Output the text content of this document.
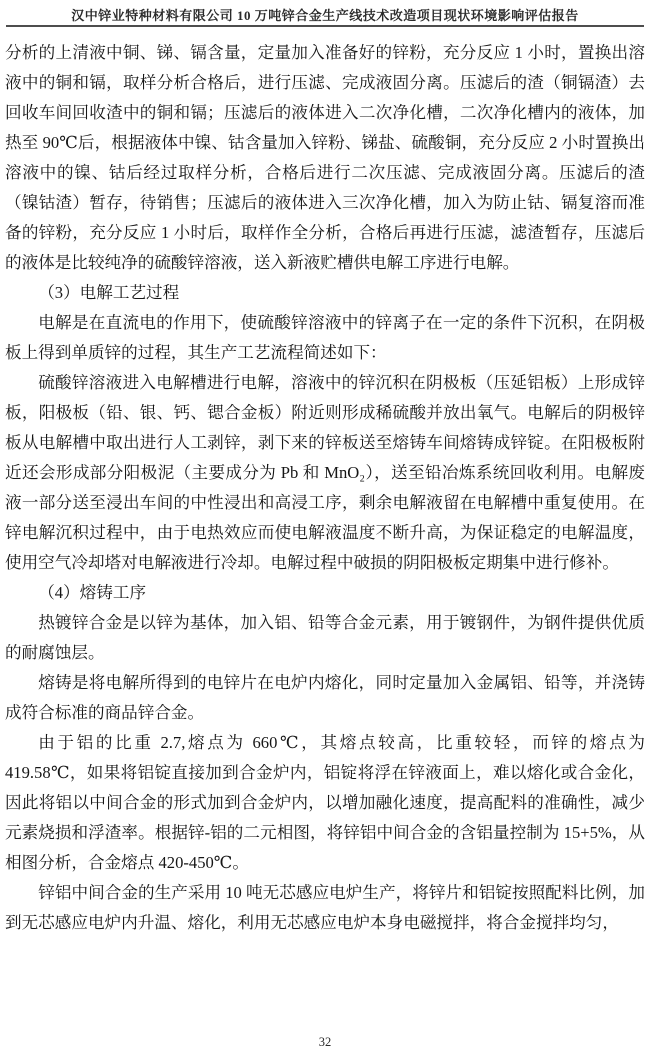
汉中锌业特种材料有限公司 10 万吨锌合金生产线技术改造项目现状环境影响评估报告

分析的上清液中铜、锑、镉含量，定量加入准备好的锌粉，充分反应 1 小时，置换出溶液中的铜和镉，取样分析合格后，进行压滤、完成液固分离。压滤后的渣（铜镉渣）去回收车间回收渣中的铜和镉；压滤后的液体进入二次净化槽，二次净化槽内的液体，加热至 90℃后，根据液体中镍、钴含量加入锌粉、锑盐、硫酸铜，充分反应 2 小时置换出溶液中的镍、钴后经过取样分析，合格后进行二次压滤、完成液固分离。压滤后的渣（镍钴渣）暂存，待销售；压滤后的液体进入三次净化槽，加入为防止钴、镉复溶而准备的锌粉，充分反应 1 小时后，取样作全分析，合格后再进行压滤，滤渣暂存，压滤后的液体是比较纯净的硫酸锌溶液，送入新液贮槽供电解工序进行电解。

（3）电解工艺过程

电解是在直流电的作用下，使硫酸锌溶液中的锌离子在一定的条件下沉积，在阴极板上得到单质锌的过程，其生产工艺流程简述如下：

硫酸锌溶液进入电解槽进行电解，溶液中的锌沉积在阴极板（压延铝板）上形成锌板，阳极板（铅、银、钙、锶合金板）附近则形成稀硫酸并放出氧气。电解后的阴极锌板从电解槽中取出进行人工剥锌，剥下来的锌板送至熔铸车间熔铸成锌锭。在阳极板附近还会形成部分阳极泥（主要成分为 Pb 和 MnO₂），送至铅冶炼系统回收利用。电解废液一部分送至浸出车间的中性浸出和高浸工序，剩余电解液留在电解槽中重复使用。在锌电解沉积过程中，由于电热效应而使电解液温度不断升高，为保证稳定的电解温度，使用空气冷却塔对电解液进行冷却。电解过程中破损的阴阳极板定期集中进行修补。

（4）熔铸工序

热镀锌合金是以锌为基体，加入铝、铅等合金元素，用于镀钢件，为钢件提供优质的耐腐蚀层。

熔铸是将电解所得到的电锌片在电炉内熔化，同时定量加入金属铝、铅等，并浇铸成符合标准的商品锌合金。

由于铝的比重 2.7,熔点为 660℃，其熔点较高，比重较轻，而锌的熔点为 419.58℃，如果将铝锭直接加到合金炉内，铝锭将浮在锌液面上，难以熔化或合金化，因此将铝以中间合金的形式加到合金炉内，以增加融化速度，提高配料的准确性，减少元素烧损和浮渣率。根据锌-铝的二元相图，将锌铝中间合金的含铝量控制为 15+5%，从相图分析，合金熔点 420-450℃。

锌铝中间合金的生产采用 10 吨无芯感应电炉生产，将锌片和铝锭按照配料比例，加到无芯感应电炉内升温、熔化，利用无芯感应电炉本身电磁搅拌，将合金搅拌均匀，

32
